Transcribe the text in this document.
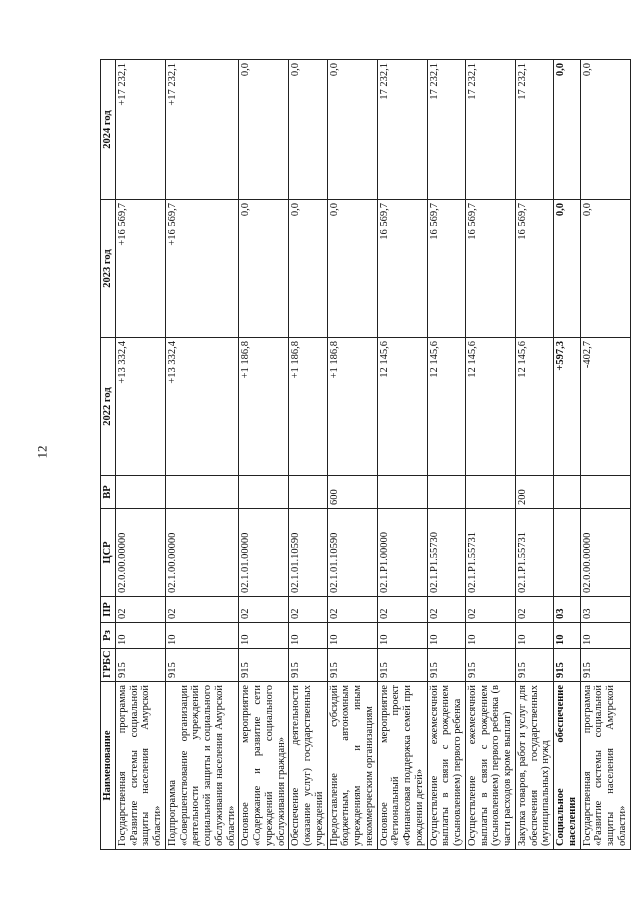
12
Наименование	ГРБС	Рз	ПР	ЦСР	ВР	2022 год	2023 год	2024 год
Государственная программа «Развитие системы социальной защиты населения Амурской области»	915	10	02	02.0.00.00000		+13 332,4	+16 569,7	+17 232,1
Подпрограмма «Совершенствование организации деятельности учреждений социальной защиты и социального обслуживания населения Амурской области»	915	10	02	02.1.00.00000		+13 332,4	+16 569,7	+17 232,1
Основное мероприятие «Содержание и развитие сети учреждений социального обслуживания граждан»	915	10	02	02.1.01.00000		+1 186,8	0,0	0,0
Обеспечение деятельности (оказание услуг) государственных учреждений	915	10	02	02.1.01.10590		+1 186,8	0,0	0,0
Предоставление субсидий бюджетным, автономным учреждениям и иным некоммерческим организациям	915	10	02	02.1.01.10590	600	+1 186,8	0,0	0,0
Основное мероприятие «Региональный проект «Финансовая поддержка семей при рождении детей»	915	10	02	02.1.P1.00000		12 145,6	16 569,7	17 232,1
Осуществление ежемесячной выплаты в связи с рождением (усыновлением) первого ребенка	915	10	02	02.1.P1.55730		12 145,6	16 569,7	17 232,1
Осуществление ежемесячной выплаты в связи с рождением (усыновлением) первого ребенка (в части расходов кроме выплат)	915	10	02	02.1.P1.55731		12 145,6	16 569,7	17 232,1
Закупка товаров, работ и услуг для обеспечения государственных (муниципальных) нужд	915	10	02	02.1.P1.55731	200	12 145,6	16 569,7	17 232,1
Социальное обеспечение населения	915	10	03			+597,3	0,0	0,0
Государственная программа «Развитие системы социальной защиты населения Амурской области»	915	10	03	02.0.00.00000		-402,7	0,0	0,0
